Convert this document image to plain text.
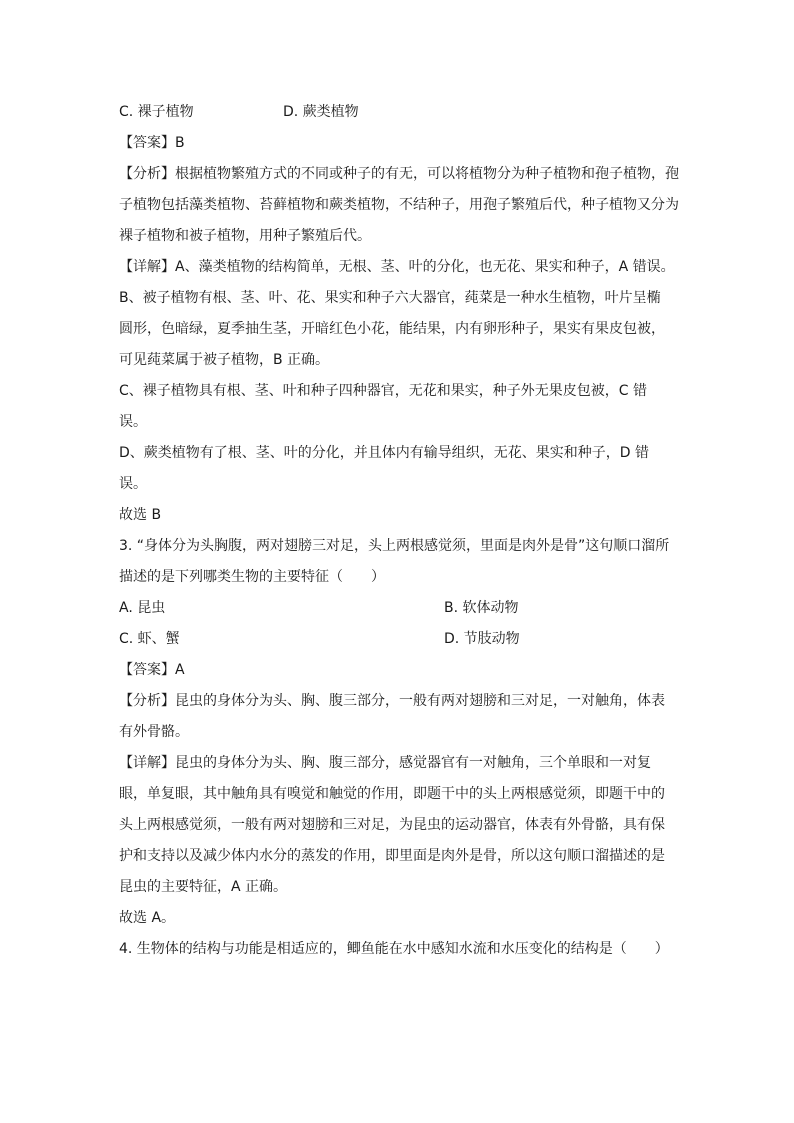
C. 裸子植物	D. 蕨类植物
【答案】B
【分析】根据植物繁殖方式的不同或种子的有无，可以将植物分为种子植物和孢子植物，孢
子植物包括藻类植物、苔藓植物和蕨类植物，不结种子，用孢子繁殖后代，种子植物又分为
裸子植物和被子植物，用种子繁殖后代。
【详解】A、藻类植物的结构简单，无根、茎、叶的分化，也无花、果实和种子，A 错误。
B、被子植物有根、茎、叶、花、果实和种子六大器官，莼菜是一种水生植物，叶片呈椭
圆形，色暗绿，夏季抽生茎，开暗红色小花，能结果，内有卵形种子，果实有果皮包被，
可见莼菜属于被子植物，B 正确。
C、裸子植物具有根、茎、叶和种子四种器官，无花和果实，种子外无果皮包被，C 错
误。
D、蕨类植物有了根、茎、叶的分化，并且体内有输导组织，无花、果实和种子，D 错
误。
故选 B
3. “身体分为头胸腹，两对翅膀三对足，头上两根感觉须，里面是肉外是骨”这句顺口溜所
描述的是下列哪类生物的主要特征（　　）
A. 昆虫	B. 软体动物
C. 虾、蟹	D. 节肢动物
【答案】A
【分析】昆虫的身体分为头、胸、腹三部分，一般有两对翅膀和三对足，一对触角，体表
有外骨骼。
【详解】昆虫的身体分为头、胸、腹三部分，感觉器官有一对触角，三个单眼和一对复
眼，单复眼，其中触角具有嗅觉和触觉的作用，即题干中的头上两根感觉须，即题干中的
头上两根感觉须，一般有两对翅膀和三对足，为昆虫的运动器官，体表有外骨骼，具有保
护和支持以及减少体内水分的蒸发的作用，即里面是肉外是骨，所以这句顺口溜描述的是
昆虫的主要特征，A 正确。
故选 A。
4. 生物体的结构与功能是相适应的，鲫鱼能在水中感知水流和水压变化的结构是（　　）
